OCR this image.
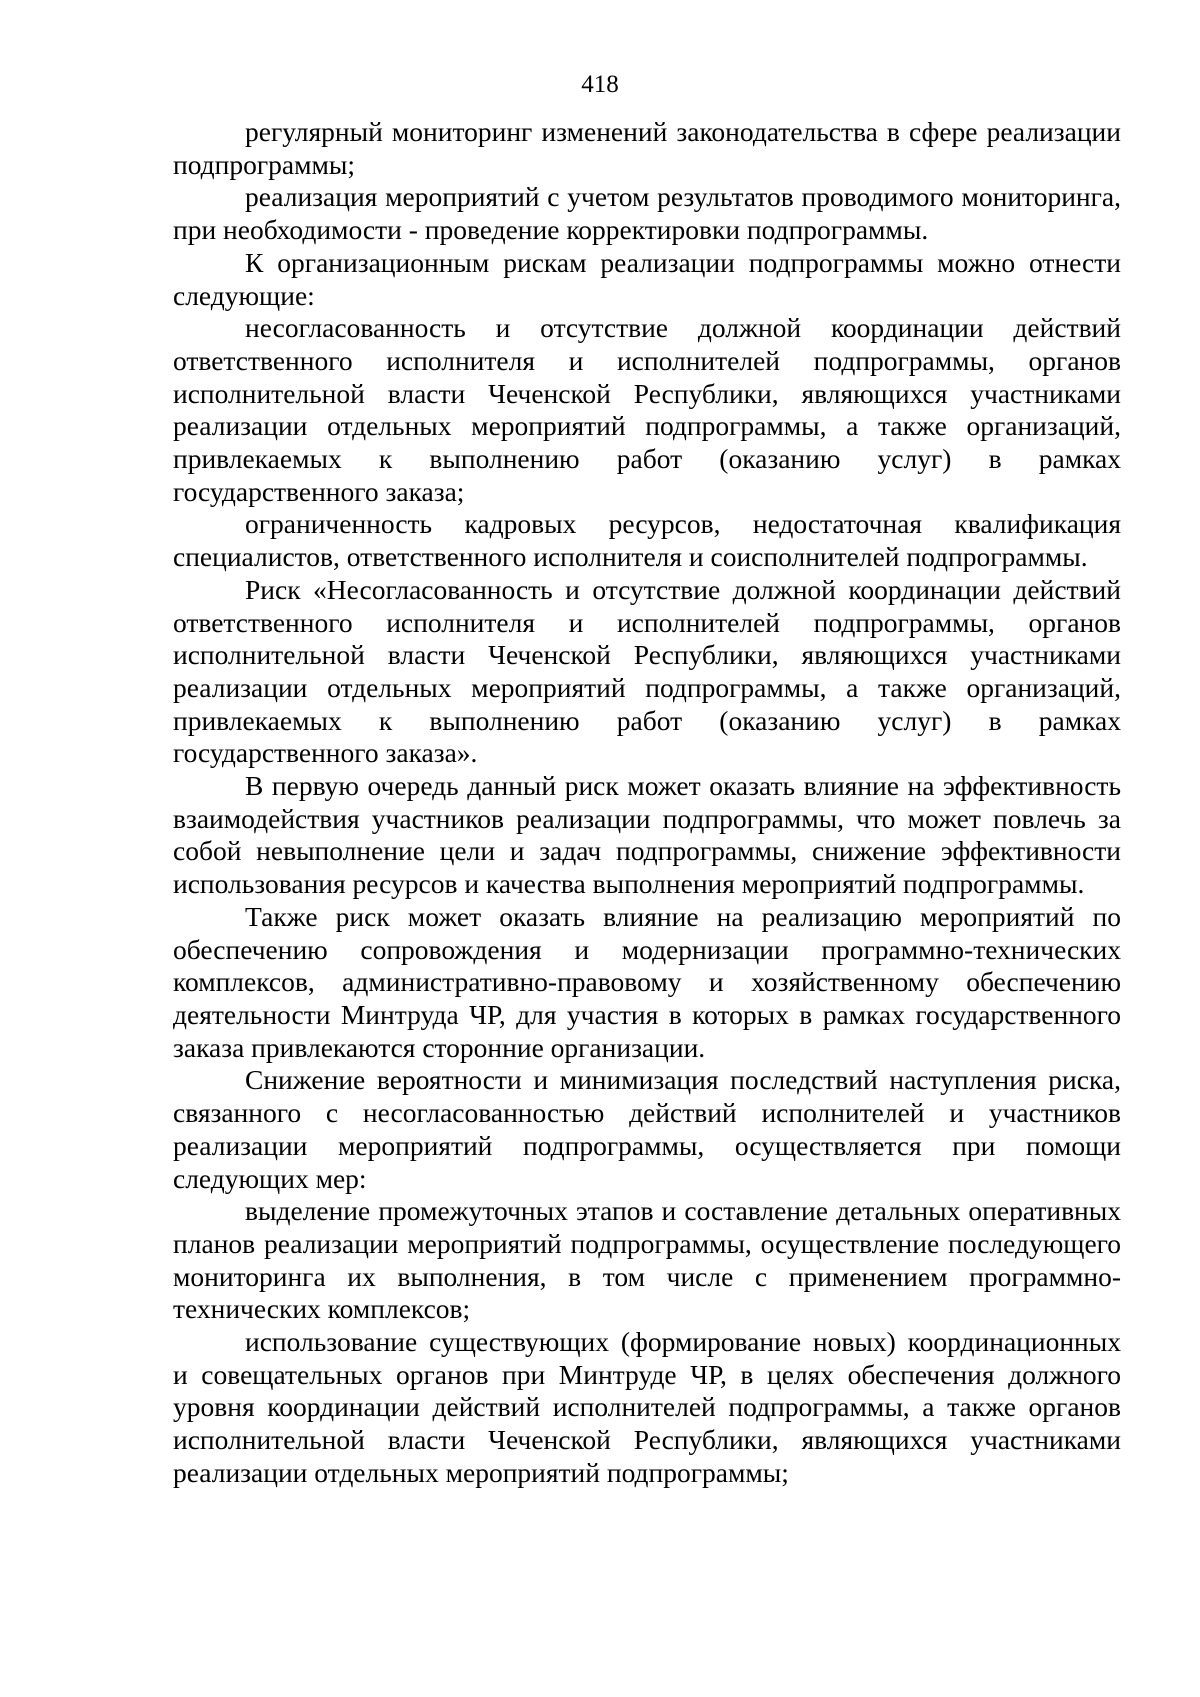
418

регулярный мониторинг изменений законодательства в сфере реализации подпрограммы;

реализация мероприятий с учетом результатов проводимого мониторинга, при необходимости - проведение корректировки подпрограммы.

К организационным рискам реализации подпрограммы можно отнести следующие:

несогласованность и отсутствие должной координации действий ответственного исполнителя и исполнителей подпрограммы, органов исполнительной власти Чеченской Республики, являющихся участниками реализации отдельных мероприятий подпрограммы, а также организаций, привлекаемых к выполнению работ (оказанию услуг) в рамках государственного заказа;

ограниченность кадровых ресурсов, недостаточная квалификация специалистов, ответственного исполнителя и соисполнителей подпрограммы.

Риск «Несогласованность и отсутствие должной координации действий ответственного исполнителя и исполнителей подпрограммы, органов исполнительной власти Чеченской Республики, являющихся участниками реализации отдельных мероприятий подпрограммы, а также организаций, привлекаемых к выполнению работ (оказанию услуг) в рамках государственного заказа».

В первую очередь данный риск может оказать влияние на эффективность взаимодействия участников реализации подпрограммы, что может повлечь за собой невыполнение цели и задач подпрограммы, снижение эффективности использования ресурсов и качества выполнения мероприятий подпрограммы.

Также риск может оказать влияние на реализацию мероприятий по обеспечению сопровождения и модернизации программно-технических комплексов, административно-правовому и хозяйственному обеспечению деятельности Минтруда ЧР, для участия в которых в рамках государственного заказа привлекаются сторонние организации.

Снижение вероятности и минимизация последствий наступления риска, связанного с несогласованностью действий исполнителей и участников реализации мероприятий подпрограммы, осуществляется при помощи следующих мер:

выделение промежуточных этапов и составление детальных оперативных планов реализации мероприятий подпрограммы, осуществление последующего мониторинга их выполнения, в том числе с применением программно-технических комплексов;

использование существующих (формирование новых) координационных и совещательных органов при Минтруде ЧР, в целях обеспечения должного уровня координации действий исполнителей подпрограммы, а также органов исполнительной власти Чеченской Республики, являющихся участниками реализации отдельных мероприятий подпрограммы;
